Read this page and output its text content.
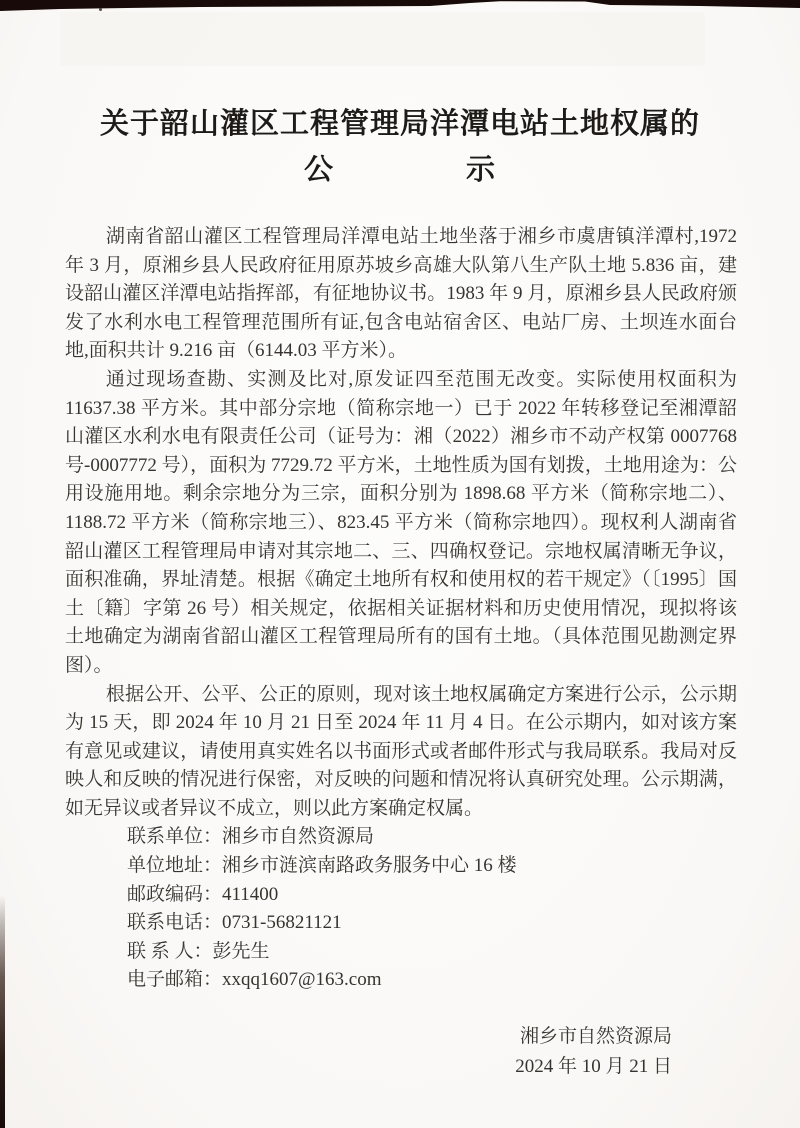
关于韶山灌区工程管理局洋潭电站土地权属的
公	示

湖南省韶山灌区工程管理局洋潭电站土地坐落于湘乡市虞唐镇洋潭村,1972 年 3 月，原湘乡县人民政府征用原苏坡乡高雄大队第八生产队土地 5.836 亩，建设韶山灌区洋潭电站指挥部，有征地协议书。1983 年 9 月，原湘乡县人民政府颁发了水利水电工程管理范围所有证,包含电站宿舍区、电站厂房、土坝连水面台地,面积共计 9.216 亩（6144.03 平方米）。

通过现场查勘、实测及比对,原发证四至范围无改变。实际使用权面积为 11637.38 平方米。其中部分宗地（简称宗地一）已于 2022 年转移登记至湘潭韶山灌区水利水电有限责任公司（证号为：湘（2022）湘乡市不动产权第 0007768 号-0007772 号），面积为 7729.72 平方米，土地性质为国有划拨，土地用途为：公用设施用地。剩余宗地分为三宗，面积分别为 1898.68 平方米（简称宗地二）、1188.72 平方米（简称宗地三）、823.45 平方米（简称宗地四）。现权利人湖南省韶山灌区工程管理局申请对其宗地二、三、四确权登记。宗地权属清晰无争议，面积准确，界址清楚。根据《确定土地所有权和使用权的若干规定》（〔1995〕国土〔籍〕字第 26 号）相关规定，依据相关证据材料和历史使用情况，现拟将该土地确定为湖南省韶山灌区工程管理局所有的国有土地。（具体范围见勘测定界图）。

根据公开、公平、公正的原则，现对该土地权属确定方案进行公示，公示期为 15 天，即 2024 年 10 月 21 日至 2024 年 11 月 4 日。在公示期内，如对该方案有意见或建议，请使用真实姓名以书面形式或者邮件形式与我局联系。我局对反映人和反映的情况进行保密，对反映的问题和情况将认真研究处理。公示期满，如无异议或者异议不成立，则以此方案确定权属。

联系单位：湘乡市自然资源局
单位地址：湘乡市涟滨南路政务服务中心 16 楼
邮政编码：411400
联系电话：0731-56821121
联 系 人：彭先生
电子邮箱：xxqq1607@163.com
湘乡市自然资源局
2024 年 10 月 21 日
